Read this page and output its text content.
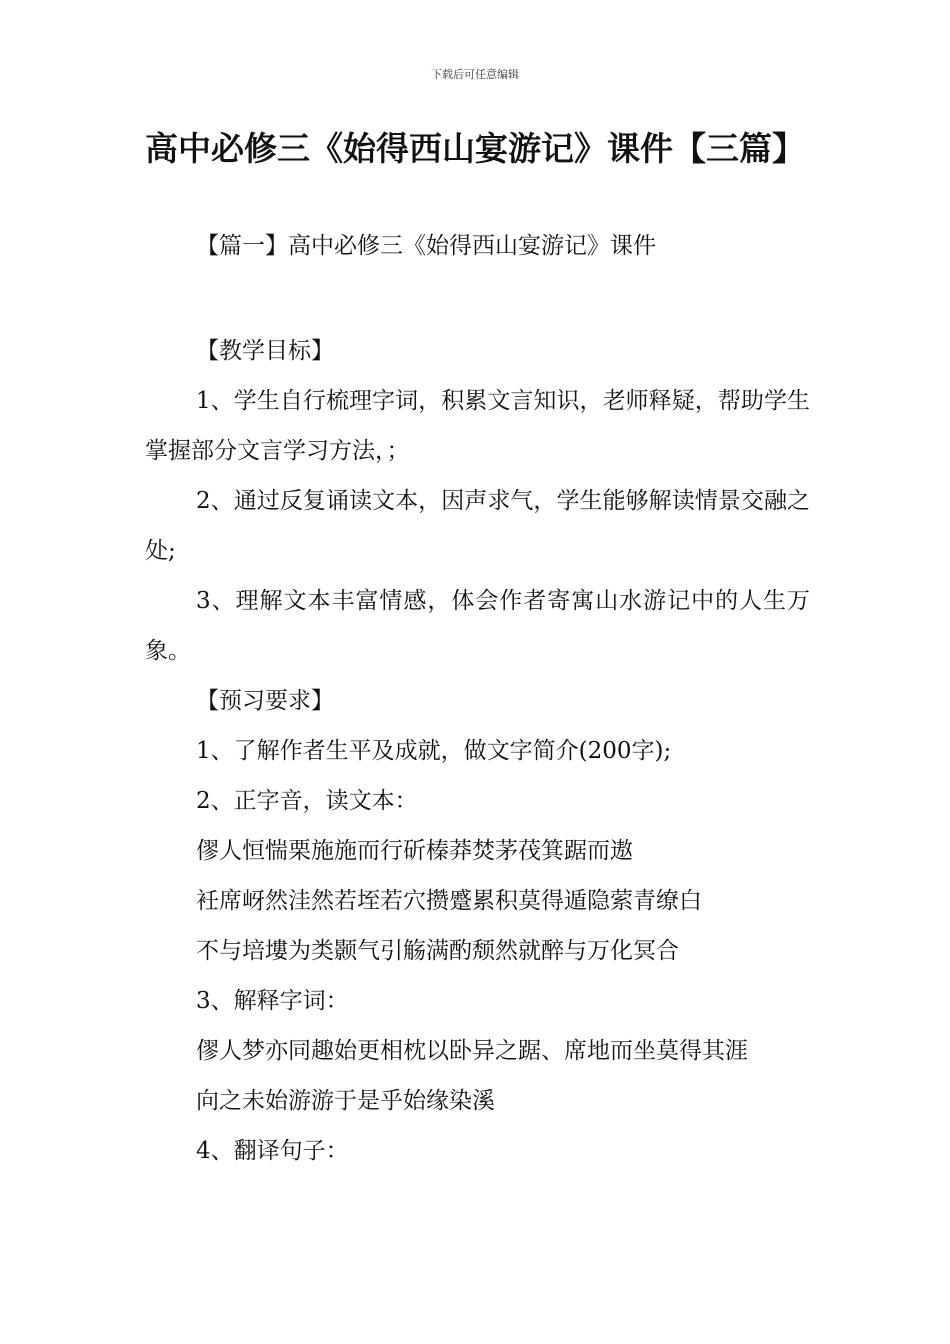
下载后可任意编辑
高中必修三《始得西山宴游记》课件【三篇】
【篇一】高中必修三《始得西山宴游记》课件

【教学目标】

1、学生自行梳理字词，积累文言知识，老师释疑，帮助学生掌握部分文言学习方法，；

2、通过反复诵读文本，因声求气，学生能够解读情景交融之处;

3、理解文本丰富情感，体会作者寄寓山水游记中的人生万象。

【预习要求】

1、了解作者生平及成就，做文字简介(200字);

2、正字音，读文本：

僇人恒惴栗施施而行斫榛莽焚茅茷箕踞而遨

衽席岈然洼然若垤若穴攒蹙累积莫得遁隐萦青缭白

不与培塿为类颢气引觞满酌颓然就醉与万化冥合

3、解释字词：

僇人梦亦同趣始更相枕以卧异之踞、席地而坐莫得其涯

向之未始游游于是乎始缘染溪

4、翻译句子：
